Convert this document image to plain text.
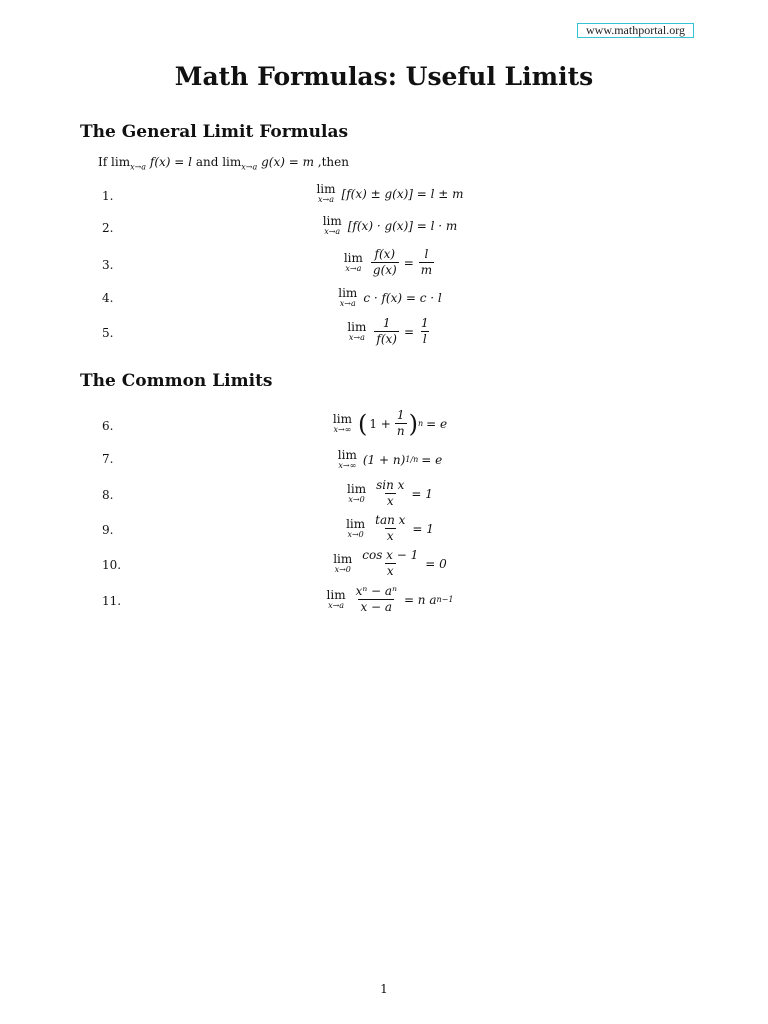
www.mathportal.org
Math Formulas: Useful Limits
The General Limit Formulas
If $\lim_{x\to a} f(x) = l$ and $\lim_{x\to a} g(x) = m$ ,then
1.	lim
x→a [f(x) ± g(x)] = l ± m
2.	lim
x→a [f(x) · g(x)] = l · m
3.	lim
$x\to a \frac{f(x)}{g(x)} = \frac{l}{m}$
4.	lim
x→a c · f(x) = c · l
5.	lim
$x\to a \frac{1}{f(x)} = \frac{1}{l}$
The Common Limits
6.	lim
x→∞ ( $1 + \frac{1}{n}$ ) n = e
7.	lim
x→∞ (1 + n) 1/n = e
8.	lim
$x\to 0 \frac{\text{sin x}}{x} = 1$
9.	lim
$x\to 0 \frac{\text{tan x}}{x} = 1$
10.	lim
$x\to 0 \frac{\text{cos x − 1}}{x} = 0$
11.	lim
$x\to a \frac{\text{xⁿ − aⁿ}}{x - a} = n$ a n−1
1
